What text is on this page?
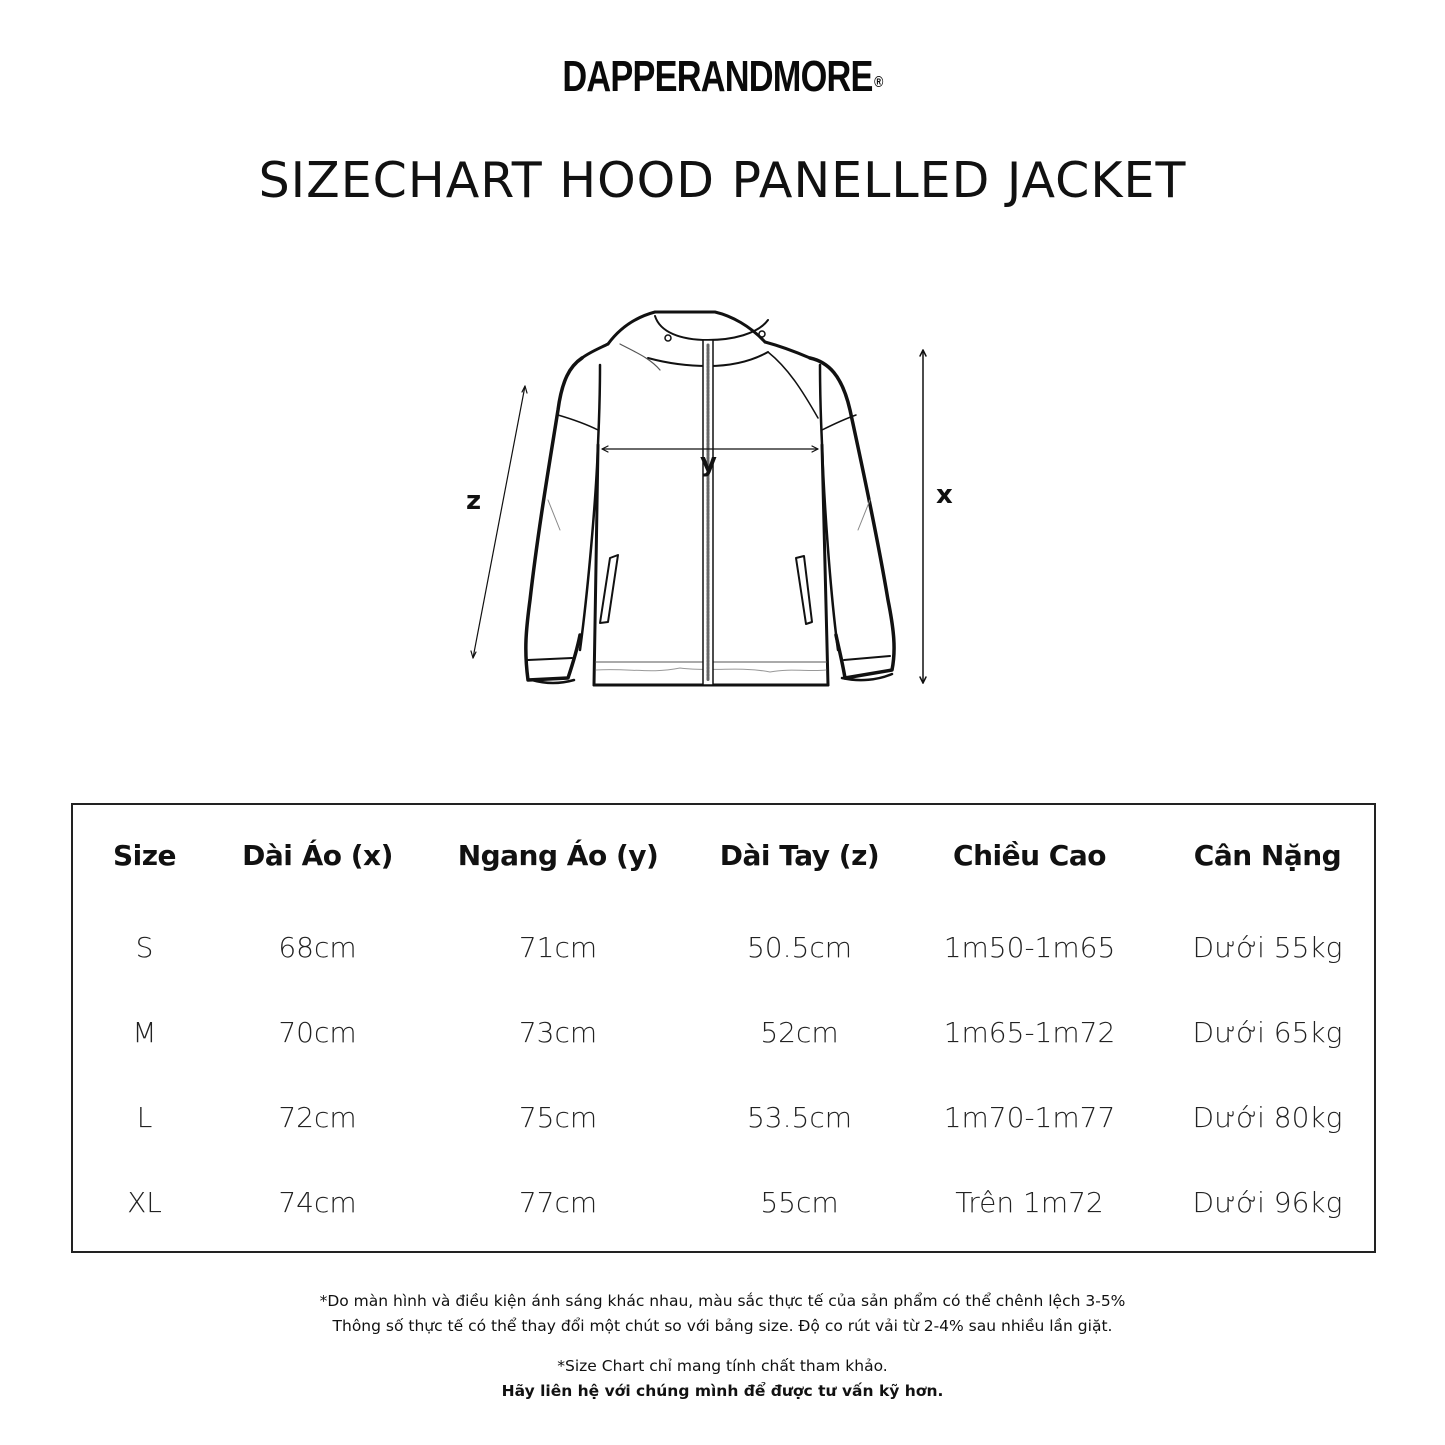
DAPPERANDMORE®
SIZECHART HOOD PANELLED JACKET
y
z	x
Size	Dài Áo (x)	Ngang Áo (y)	Dài Tay (z)	Chiều Cao	Cân Nặng
S	68cm	71cm	50.5cm	1m50-1m65	Dưới 55kg
M	70cm	73cm	52cm	1m65-1m72	Dưới 65kg
L	72cm	75cm	53.5cm	1m70-1m77	Dưới 80kg
XL	74cm	77cm	55cm	Trên 1m72	Dưới 96kg
*Do màn hình và điều kiện ánh sáng khác nhau, màu sắc thực tế của sản phẩm có thể chênh lệch 3-5%
Thông số thực tế có thể thay đổi một chút so với bảng size. Độ co rút vải từ 2-4% sau nhiều lần giặt.
*Size Chart chỉ mang tính chất tham khảo.
Hãy liên hệ với chúng mình để được tư vấn kỹ hơn.
